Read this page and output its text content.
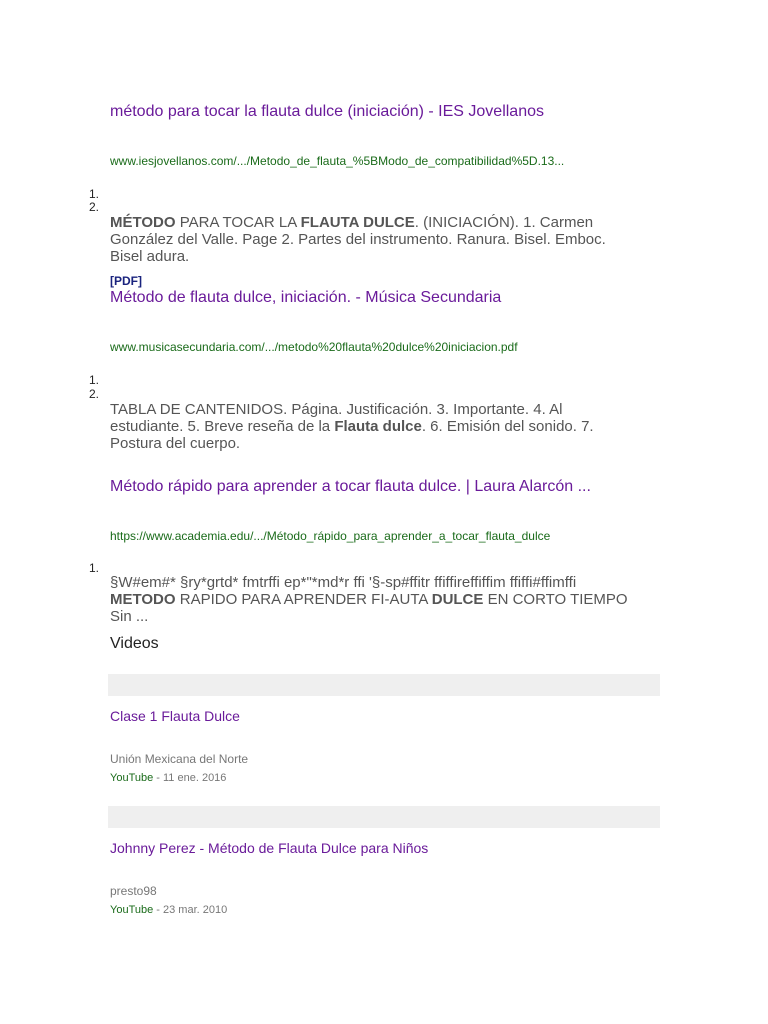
método para tocar la flauta dulce (iniciación) - IES Jovellanos
www.iesjovellanos.com/.../Metodo_de_flauta_%5BModo_de_compatibilidad%5D.13...
1.
2.
MÉTODO PARA TOCAR LA FLAUTA DULCE. (INICIACIÓN). 1. Carmen González del Valle. Page 2. Partes del instrumento. Ranura. Bisel. Emboc. Bisel adura.
[PDF]
Método de flauta dulce, iniciación. - Música Secundaria
www.musicasecundaria.com/.../metodo%20flauta%20dulce%20iniciacion.pdf
1.
2.
TABLA DE CANTENIDOS. Página. Justificación. 3. Importante. 4. Al estudiante. 5. Breve reseña de la Flauta dulce. 6. Emisión del sonido. 7. Postura del cuerpo.
Método rápido para aprender a tocar flauta dulce. | Laura Alarcón ...
https://www.academia.edu/.../Método_rápido_para_aprender_a_tocar_flauta_dulce
1.
§W#em#* §ry*grtd* fmtrffi ep*"*md*r ffi '§-sp#ffitr ffiffireffiffim ffiffi#ffimffi METODO RAPIDO PARA APRENDER FI-AUTA DULCE EN CORTO TIEMPO Sin ...
Videos
Clase 1 Flauta Dulce
Unión Mexicana del Norte
YouTube - 11 ene. 2016
Johnny Perez - Método de Flauta Dulce para Niños
presto98
YouTube - 23 mar. 2010
